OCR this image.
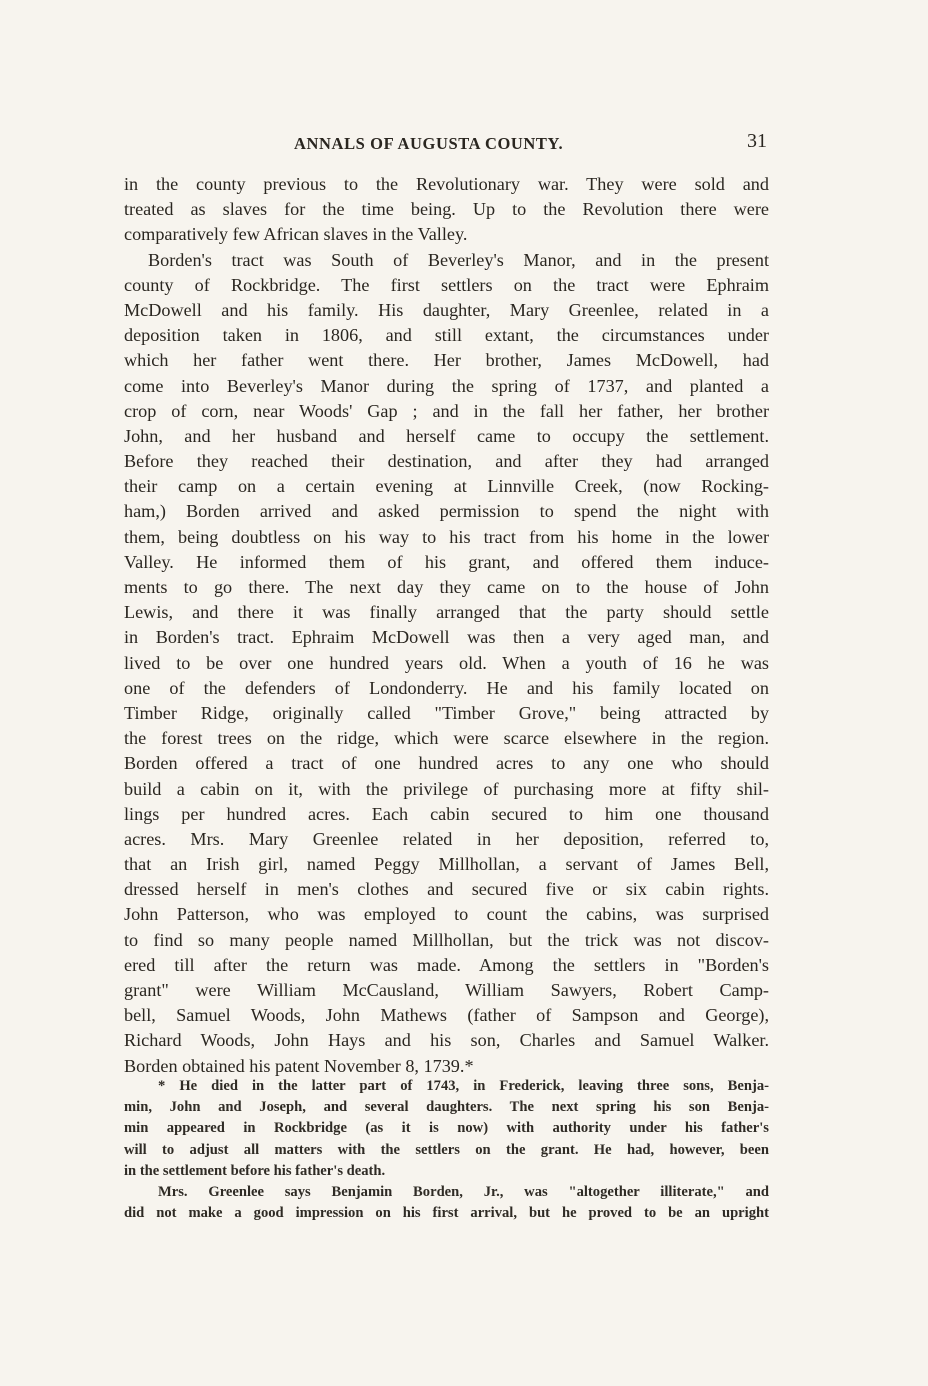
ANNALS OF AUGUSTA COUNTY.	31
in the county previous to the Revolutionary war. They were sold and
treated as slaves for the time being. Up to the Revolution there were
comparatively few African slaves in the Valley.
Borden's tract was South of Beverley's Manor, and in the present
county of Rockbridge. The first settlers on the tract were Ephraim
McDowell and his family. His daughter, Mary Greenlee, related in a
deposition taken in 1806, and still extant, the circumstances under
which her father went there. Her brother, James McDowell, had
come into Beverley's Manor during the spring of 1737, and planted a
crop of corn, near Woods' Gap ; and in the fall her father, her brother
John, and her husband and herself came to occupy the settlement.
Before they reached their destination, and after they had arranged
their camp on a certain evening at Linnville Creek, (now Rocking-
ham,) Borden arrived and asked permission to spend the night with
them, being doubtless on his way to his tract from his home in the lower
Valley. He informed them of his grant, and offered them induce-
ments to go there. The next day they came on to the house of John
Lewis, and there it was finally arranged that the party should settle
in Borden's tract. Ephraim McDowell was then a very aged man, and
lived to be over one hundred years old. When a youth of 16 he was
one of the defenders of Londonderry. He and his family located on
Timber Ridge, originally called "Timber Grove," being attracted by
the forest trees on the ridge, which were scarce elsewhere in the region.
Borden offered a tract of one hundred acres to any one who should
build a cabin on it, with the privilege of purchasing more at fifty shil-
lings per hundred acres. Each cabin secured to him one thousand
acres. Mrs. Mary Greenlee related in her deposition, referred to,
that an Irish girl, named Peggy Millhollan, a servant of James Bell,
dressed herself in men's clothes and secured five or six cabin rights.
John Patterson, who was employed to count the cabins, was surprised
to find so many people named Millhollan, but the trick was not discov-
ered till after the return was made. Among the settlers in "Borden's
grant" were William McCausland, William Sawyers, Robert Camp-
bell, Samuel Woods, John Mathews (father of Sampson and George),
Richard Woods, John Hays and his son, Charles and Samuel Walker.
Borden obtained his patent November 8, 1739.*
* He died in the latter part of 1743, in Frederick, leaving three sons, Benja-
min, John and Joseph, and several daughters. The next spring his son Benja-
min appeared in Rockbridge (as it is now) with authority under his father's
will to adjust all matters with the settlers on the grant. He had, however, been
in the settlement before his father's death.
Mrs. Greenlee says Benjamin Borden, Jr., was "altogether illiterate," and
did not make a good impression on his first arrival, but he proved to be an upright
